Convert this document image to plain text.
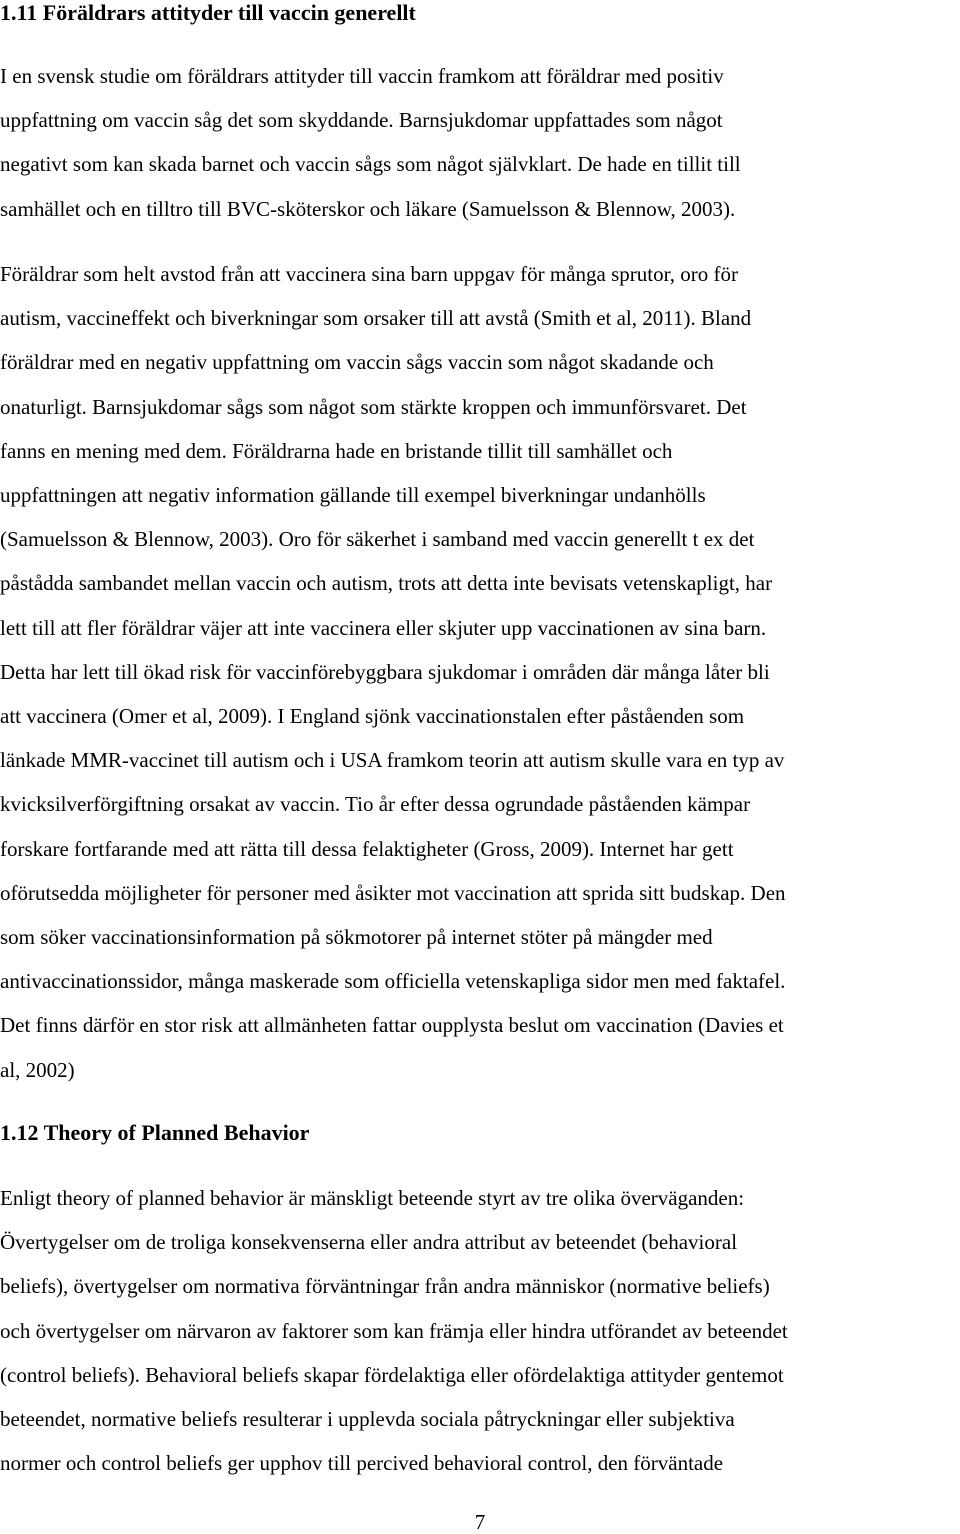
1.11 Föräldrars attityder till vaccin generellt

I en svensk studie om föräldrars attityder till vaccin framkom att föräldrar med positiv
uppfattning om vaccin såg det som skyddande. Barnsjukdomar uppfattades som något
negativt som kan skada barnet och vaccin sågs som något självklart. De hade en tillit till
samhället och en tilltro till BVC-sköterskor och läkare (Samuelsson & Blennow, 2003).

Föräldrar som helt avstod från att vaccinera sina barn uppgav för många sprutor, oro för
autism, vaccineffekt och biverkningar som orsaker till att avstå (Smith et al, 2011). Bland
föräldrar med en negativ uppfattning om vaccin sågs vaccin som något skadande och
onaturligt. Barnsjukdomar sågs som något som stärkte kroppen och immunförsvaret. Det
fanns en mening med dem. Föräldrarna hade en bristande tillit till samhället och
uppfattningen att negativ information gällande till exempel biverkningar undanhölls
(Samuelsson & Blennow, 2003). Oro för säkerhet i samband med vaccin generellt t ex det
påstådda sambandet mellan vaccin och autism, trots att detta inte bevisats vetenskapligt, har
lett till att fler föräldrar väjer att inte vaccinera eller skjuter upp vaccinationen av sina barn.
Detta har lett till ökad risk för vaccinförebyggbara sjukdomar i områden där många låter bli
att vaccinera (Omer et al, 2009). I England sjönk vaccinationstalen efter påståenden som
länkade MMR-vaccinet till autism och i USA framkom teorin att autism skulle vara en typ av
kvicksilverförgiftning orsakat av vaccin. Tio år efter dessa ogrundade påståenden kämpar
forskare fortfarande med att rätta till dessa felaktigheter (Gross, 2009). Internet har gett
oförutsedda möjligheter för personer med åsikter mot vaccination att sprida sitt budskap. Den
som söker vaccinationsinformation på sökmotorer på internet stöter på mängder med
antivaccinationssidor, många maskerade som officiella vetenskapliga sidor men med faktafel.
Det finns därför en stor risk att allmänheten fattar oupplysta beslut om vaccination (Davies et
al, 2002)

1.12 Theory of Planned Behavior

Enligt theory of planned behavior är mänskligt beteende styrt av tre olika överväganden:
Övertygelser om de troliga konsekvenserna eller andra attribut av beteendet (behavioral
beliefs), övertygelser om normativa förväntningar från andra människor (normative beliefs)
och övertygelser om närvaron av faktorer som kan främja eller hindra utförandet av beteendet
(control beliefs). Behavioral beliefs skapar fördelaktiga eller ofördelaktiga attityder gentemot
beteendet, normative beliefs resulterar i upplevda sociala påtryckningar eller subjektiva
normer och control beliefs ger upphov till percived behavioral control, den förväntade

7
